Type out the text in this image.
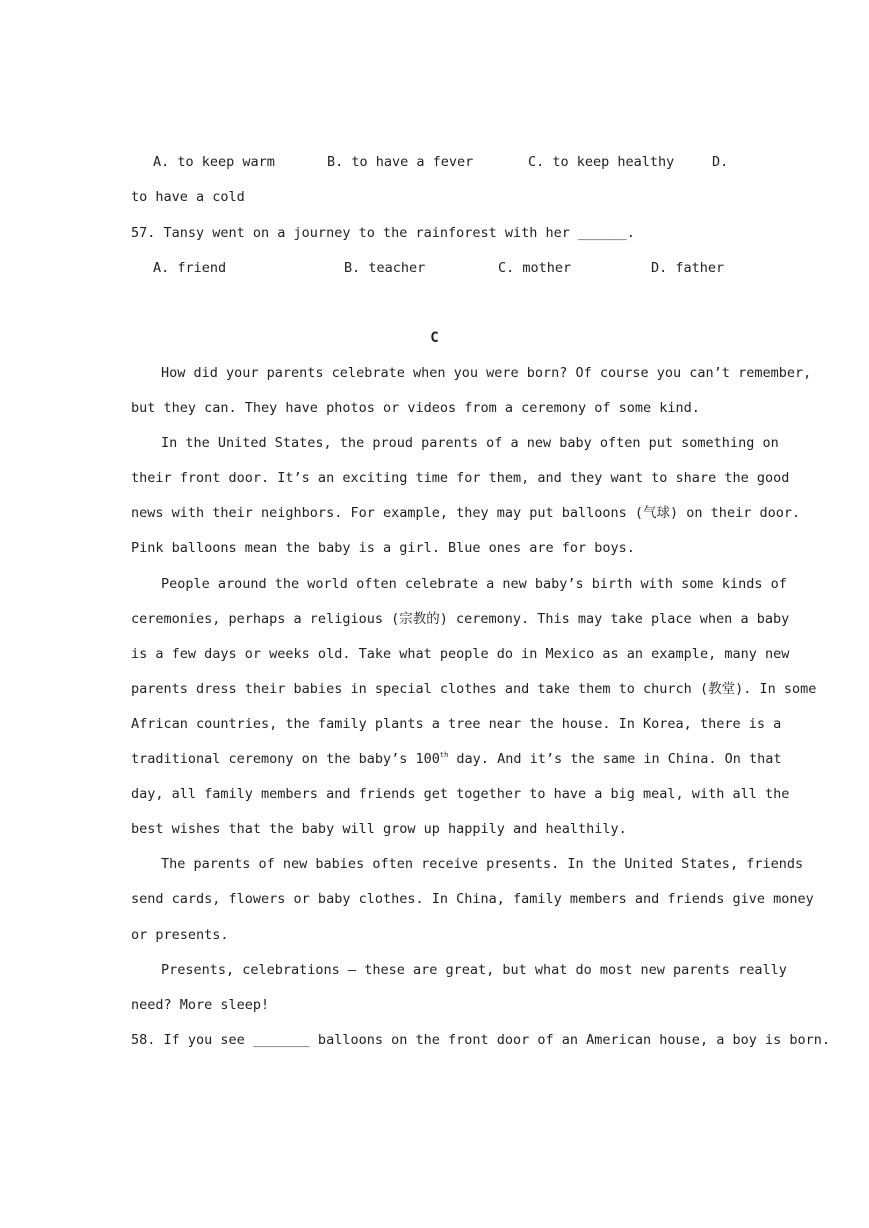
A. to keep warm	B. to have a fever	C. to keep healthy	D.
to have a cold
57. Tansy went on a journey to the rainforest with her ______.
A. friend	B. teacher	C. mother	D. father
C
How did your parents celebrate when you were born? Of course you can’t remember,
but they can. They have photos or videos from a ceremony of some kind.
In the United States, the proud parents of a new baby often put something on
their front door. It’s an exciting time for them, and they want to share the good
news with their neighbors. For example, they may put balloons (气球) on their door.
Pink balloons mean the baby is a girl. Blue ones are for boys.
People around the world often celebrate a new baby’s birth with some kinds of
ceremonies, perhaps a religious (宗教的) ceremony. This may take place when a baby
is a few days or weeks old. Take what people do in Mexico as an example, many new
parents dress their babies in special clothes and take them to church (教堂). In some
African countries, the family plants a tree near the house. In Korea, there is a
traditional ceremony on the baby’s 100th day. And it’s the same in China. On that
day, all family members and friends get together to have a big meal, with all the
best wishes that the baby will grow up happily and healthily.
The parents of new babies often receive presents. In the United States, friends
send cards, flowers or baby clothes. In China, family members and friends give money
or presents.
Presents, celebrations — these are great, but what do most new parents really
need? More sleep!
58. If you see _______ balloons on the front door of an American house, a boy is born.
